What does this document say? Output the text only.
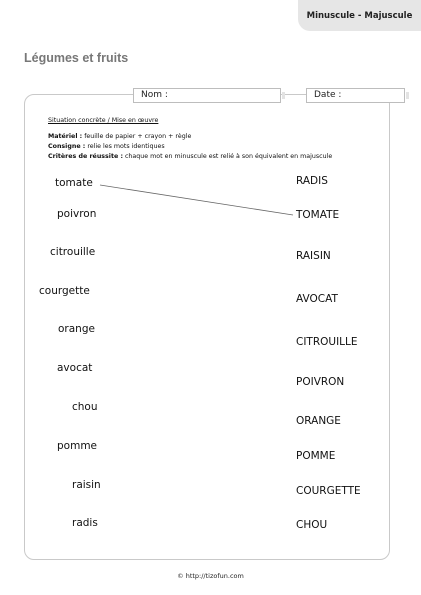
Minuscule - Majuscule
Légumes et fruits
Nom :	Date :
Situation concrète / Mise en œuvre
Matériel : feuille de papier + crayon + règle
Consigne : relie les mots identiques
Critères de réussite : chaque mot en minuscule est relié à son équivalent en majuscule
tomate
poivron
citrouille
courgette
orange
avocat
chou
pomme
raisin
radis
RADIS
TOMATE
RAISIN
AVOCAT
CITROUILLE
POIVRON
ORANGE
POMME
COURGETTE
CHOU
© http://tizofun.com
